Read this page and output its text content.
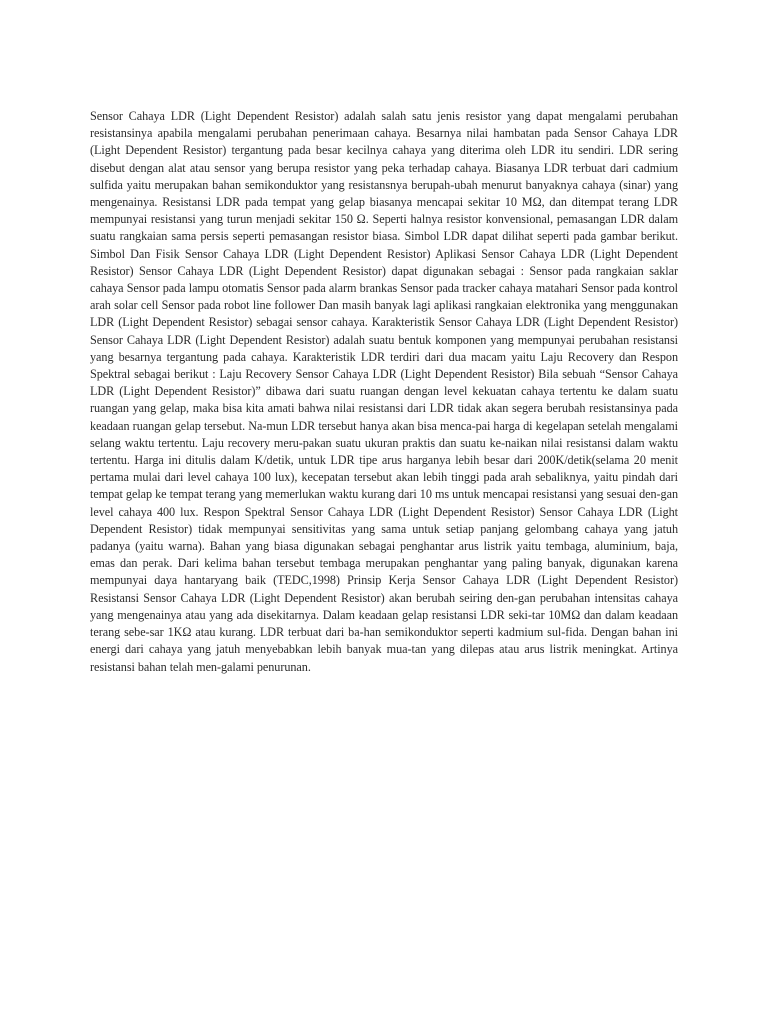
Sensor Cahaya LDR (Light Dependent Resistor) adalah salah satu jenis resistor yang dapat mengalami perubahan resistansinya apabila mengalami perubahan penerimaan cahaya. Besarnya nilai hambatan pada Sensor Cahaya LDR (Light Dependent Resistor) tergantung pada besar kecilnya cahaya yang diterima oleh LDR itu sendiri. LDR sering disebut dengan alat atau sensor yang berupa resistor yang peka terhadap cahaya. Biasanya LDR terbuat dari cadmium sulfida yaitu merupakan bahan semikonduktor yang resistansnya berupah-ubah menurut banyaknya cahaya (sinar) yang mengenainya. Resistansi LDR pada tempat yang gelap biasanya mencapai sekitar 10 MΩ, dan ditempat terang LDR mempunyai resistansi yang turun menjadi sekitar 150 Ω. Seperti halnya resistor konvensional, pemasangan LDR dalam suatu rangkaian sama persis seperti pemasangan resistor biasa. Simbol LDR dapat dilihat seperti pada gambar berikut. Simbol Dan Fisik Sensor Cahaya LDR (Light Dependent Resistor) Aplikasi Sensor Cahaya LDR (Light Dependent Resistor) Sensor Cahaya LDR (Light Dependent Resistor) dapat digunakan sebagai : Sensor pada rangkaian saklar cahaya Sensor pada lampu otomatis Sensor pada alarm brankas Sensor pada tracker cahaya matahari Sensor pada kontrol arah solar cell Sensor pada robot line follower Dan masih banyak lagi aplikasi rangkaian elektronika yang menggunakan LDR (Light Dependent Resistor) sebagai sensor cahaya. Karakteristik Sensor Cahaya LDR (Light Dependent Resistor) Sensor Cahaya LDR (Light Dependent Resistor) adalah suatu bentuk komponen yang mempunyai perubahan resistansi yang besarnya tergantung pada cahaya. Karakteristik LDR terdiri dari dua macam yaitu Laju Recovery dan Respon Spektral sebagai berikut : Laju Recovery Sensor Cahaya LDR (Light Dependent Resistor) Bila sebuah “Sensor Cahaya LDR (Light Dependent Resistor)” dibawa dari suatu ruangan dengan level kekuatan cahaya tertentu ke dalam suatu ruangan yang gelap, maka bisa kita amati bahwa nilai resistansi dari LDR tidak akan segera berubah resistansinya pada keadaan ruangan gelap tersebut. Na-mun LDR tersebut hanya akan bisa menca-pai harga di kegelapan setelah mengalami selang waktu tertentu. Laju recovery meru-pakan suatu ukuran praktis dan suatu ke-naikan nilai resistansi dalam waktu tertentu. Harga ini ditulis dalam K/detik, untuk LDR tipe arus harganya lebih besar dari 200K/detik(selama 20 menit pertama mulai dari level cahaya 100 lux), kecepatan tersebut akan lebih tinggi pada arah sebaliknya, yaitu pindah dari tempat gelap ke tempat terang yang memerlukan waktu kurang dari 10 ms untuk mencapai resistansi yang sesuai den-gan level cahaya 400 lux. Respon Spektral Sensor Cahaya LDR (Light Dependent Resistor) Sensor Cahaya LDR (Light Dependent Resistor) tidak mempunyai sensitivitas yang sama untuk setiap panjang gelombang cahaya yang jatuh padanya (yaitu warna). Bahan yang biasa digunakan sebagai penghantar arus listrik yaitu tembaga, aluminium, baja, emas dan perak. Dari kelima bahan tersebut tembaga merupakan penghantar yang paling banyak, digunakan karena mempunyai daya hantaryang baik (TEDC,1998) Prinsip Kerja Sensor Cahaya LDR (Light Dependent Resistor) Resistansi Sensor Cahaya LDR (Light Dependent Resistor) akan berubah seiring den-gan perubahan intensitas cahaya yang mengenainya atau yang ada disekitarnya. Dalam keadaan gelap resistansi LDR seki-tar 10MΩ dan dalam keadaan terang sebe-sar 1KΩ atau kurang. LDR terbuat dari ba-han semikonduktor seperti kadmium sul-fida. Dengan bahan ini energi dari cahaya yang jatuh menyebabkan lebih banyak mua-tan yang dilepas atau arus listrik meningkat. Artinya resistansi bahan telah men-galami penurunan.
